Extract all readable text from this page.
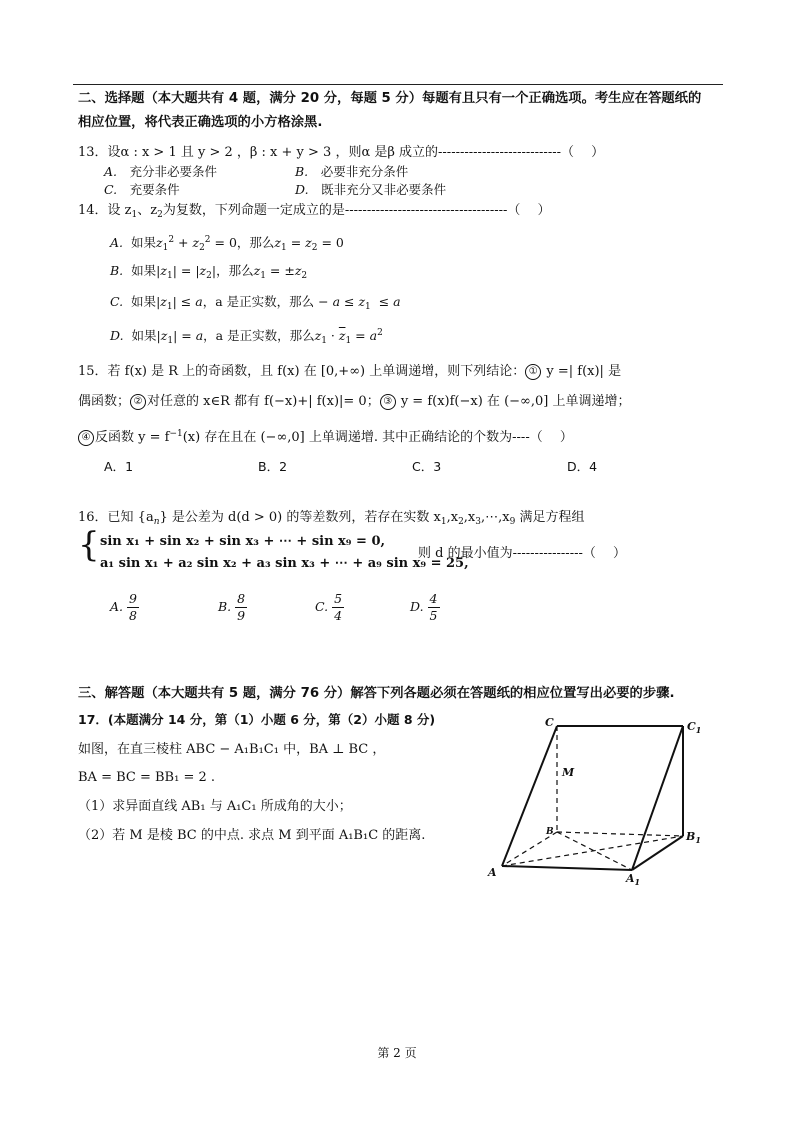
二、选择题（本大题共有 4 题，满分 20 分，每题 5 分）每题有且只有一个正确选项。考生应在答题纸的
相应位置，将代表正确选项的小方格涂黑.
13．设α : x > 1 且 y > 2 ，β : x + y > 3 ，则α 是β 成立的----------------------------（　 ）
A.　 充分非必要条件	B.　 必要非充分条件
C.　 充要条件	D.　 既非充分又非必要条件
14．设 $z_1$、$z_2$为复数，下列命题一定成立的是-------------------------------------（　 ）
A. 如果$z_1^2 + z_2^2 = 0$，那么$z_1 = z_2 = 0$
B. 如果$|z_1| = |z_2|$，那么$z_1 = \pm z_2$
C. 如果$|z_1| \le a$，a 是正实数，那么 − $a \le z_1 \le a$
D. 如果$|z_1| = a$，a 是正实数，那么$z_1 \cdot \overline{z}_1 = a^2$
15．若 f(x) 是 R 上的奇函数，且 f(x) 在 [0,+∞) 上单调递增，则下列结论： ① y =| f(x)| 是
偶函数； ② 对任意的 x∈R 都有 f(−x)+| f(x)|= 0； ③ y = f(x)f(−x) 在 (−∞,0] 上单调递增；
④ 反函数 $y = f^{-1}(x)$ 存在且在 (−∞,0] 上单调递增. 其中正确结论的个数为----（　 ）
A．1	B．2	C．3	D．4
16．已知 $\{a_n\}$ 是公差为 d(d > 0) 的等差数列，若存在实数 $x_1,x_2,x_3,\cdots,x_9$ 满足方程组
{ sin x₁ + sin x₂ + sin x₃ + ⋯ + sin x₉ = 0,
a₁ sin x₁ + a₂ sin x₂ + a₃ sin x₃ + ⋯ + a₉ sin x₉ = 25,
则 d 的最小值为----------------（　 ）
A. $\frac{9}{8}$	B. $\frac{8}{9}$	C. $\frac{5}{4}$	D. $\frac{4}{5}$
三、解答题（本大题共有 5 题，满分 76 分）解答下列各题必须在答题纸的相应位置写出必要的步骤.
17．(本题满分 14 分，第（1）小题 6 分，第（2）小题 8 分)
如图，在直三棱柱 ABC − A₁B₁C₁ 中，BA ⊥ BC ，
BA = BC = BB₁ = 2 .
（1）求异面直线 AB₁ 与 A₁C₁ 所成角的大小；
（2）若 M 是棱 BC 的中点. 求点 M 到平面 A₁B₁C 的距离.
C	$C_1$
M
B	$B_1$
A	$A_1$
第 2 页
